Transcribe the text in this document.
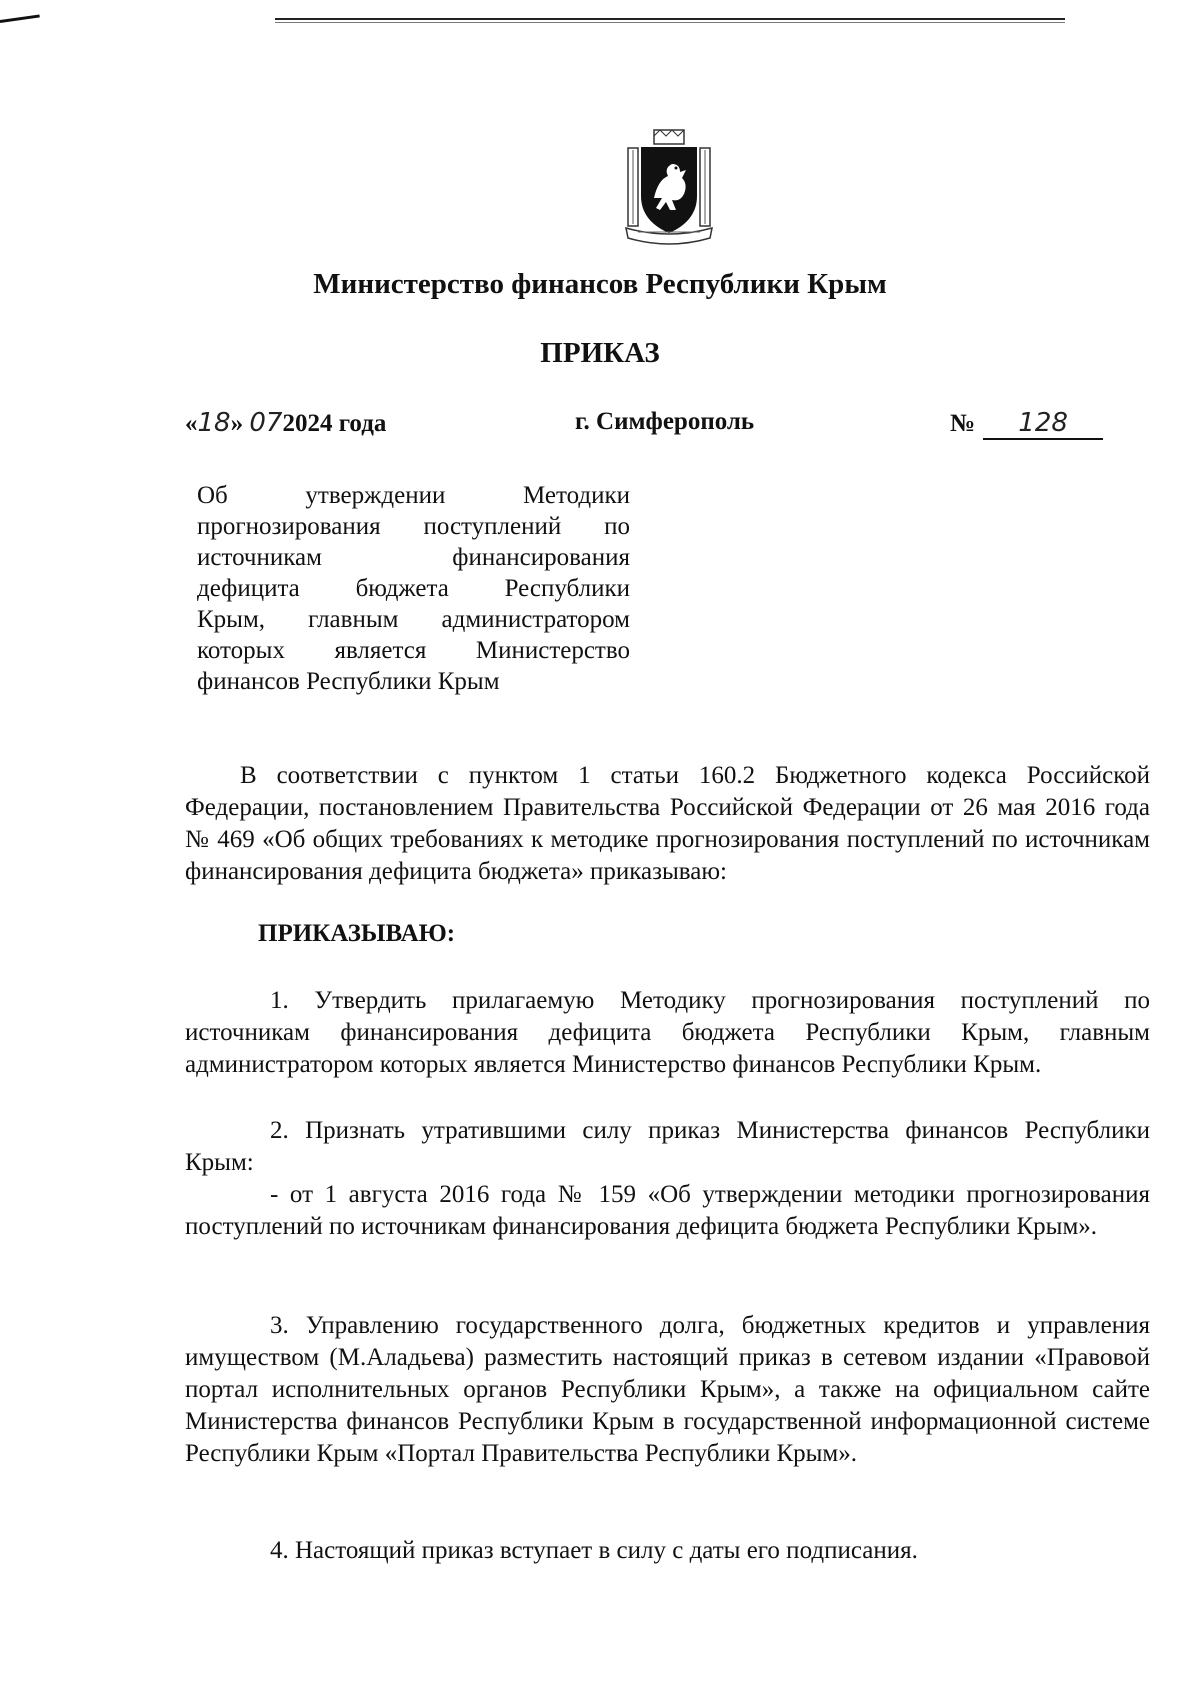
Министерство финансов Республики Крым
ПРИКАЗ
«18» 072024 года	г. Симферополь	№ 128
Об утверждении Методики
прогнозирования поступлений по
источникам финансирования
дефицита бюджета Республики
Крым, главным администратором
которых является Министерство
финансов Республики Крым
В соответствии с пунктом 1 статьи 160.2 Бюджетного кодекса Российской Федерации, постановлением Правительства Российской Федерации от 26 мая 2016 года № 469 «Об общих требованиях к методике прогнозирования поступлений по источникам финансирования дефицита бюджета» приказываю:
ПРИКАЗЫВАЮ:
1. Утвердить прилагаемую Методику прогнозирования поступлений по источникам финансирования дефицита бюджета Республики Крым, главным администратором которых является Министерство финансов Республики Крым.
2. Признать утратившими силу приказ Министерства финансов Республики Крым:
- от 1 августа 2016 года № 159 «Об утверждении методики прогнозирования поступлений по источникам финансирования дефицита бюджета Республики Крым».
3. Управлению государственного долга, бюджетных кредитов и управления имуществом (М.Аладьева) разместить настоящий приказ в сетевом издании «Правовой портал исполнительных органов Республики Крым», а также на официальном сайте Министерства финансов Республики Крым в государственной информационной системе Республики Крым «Портал Правительства Республики Крым».
4. Настоящий приказ вступает в силу с даты его подписания.
